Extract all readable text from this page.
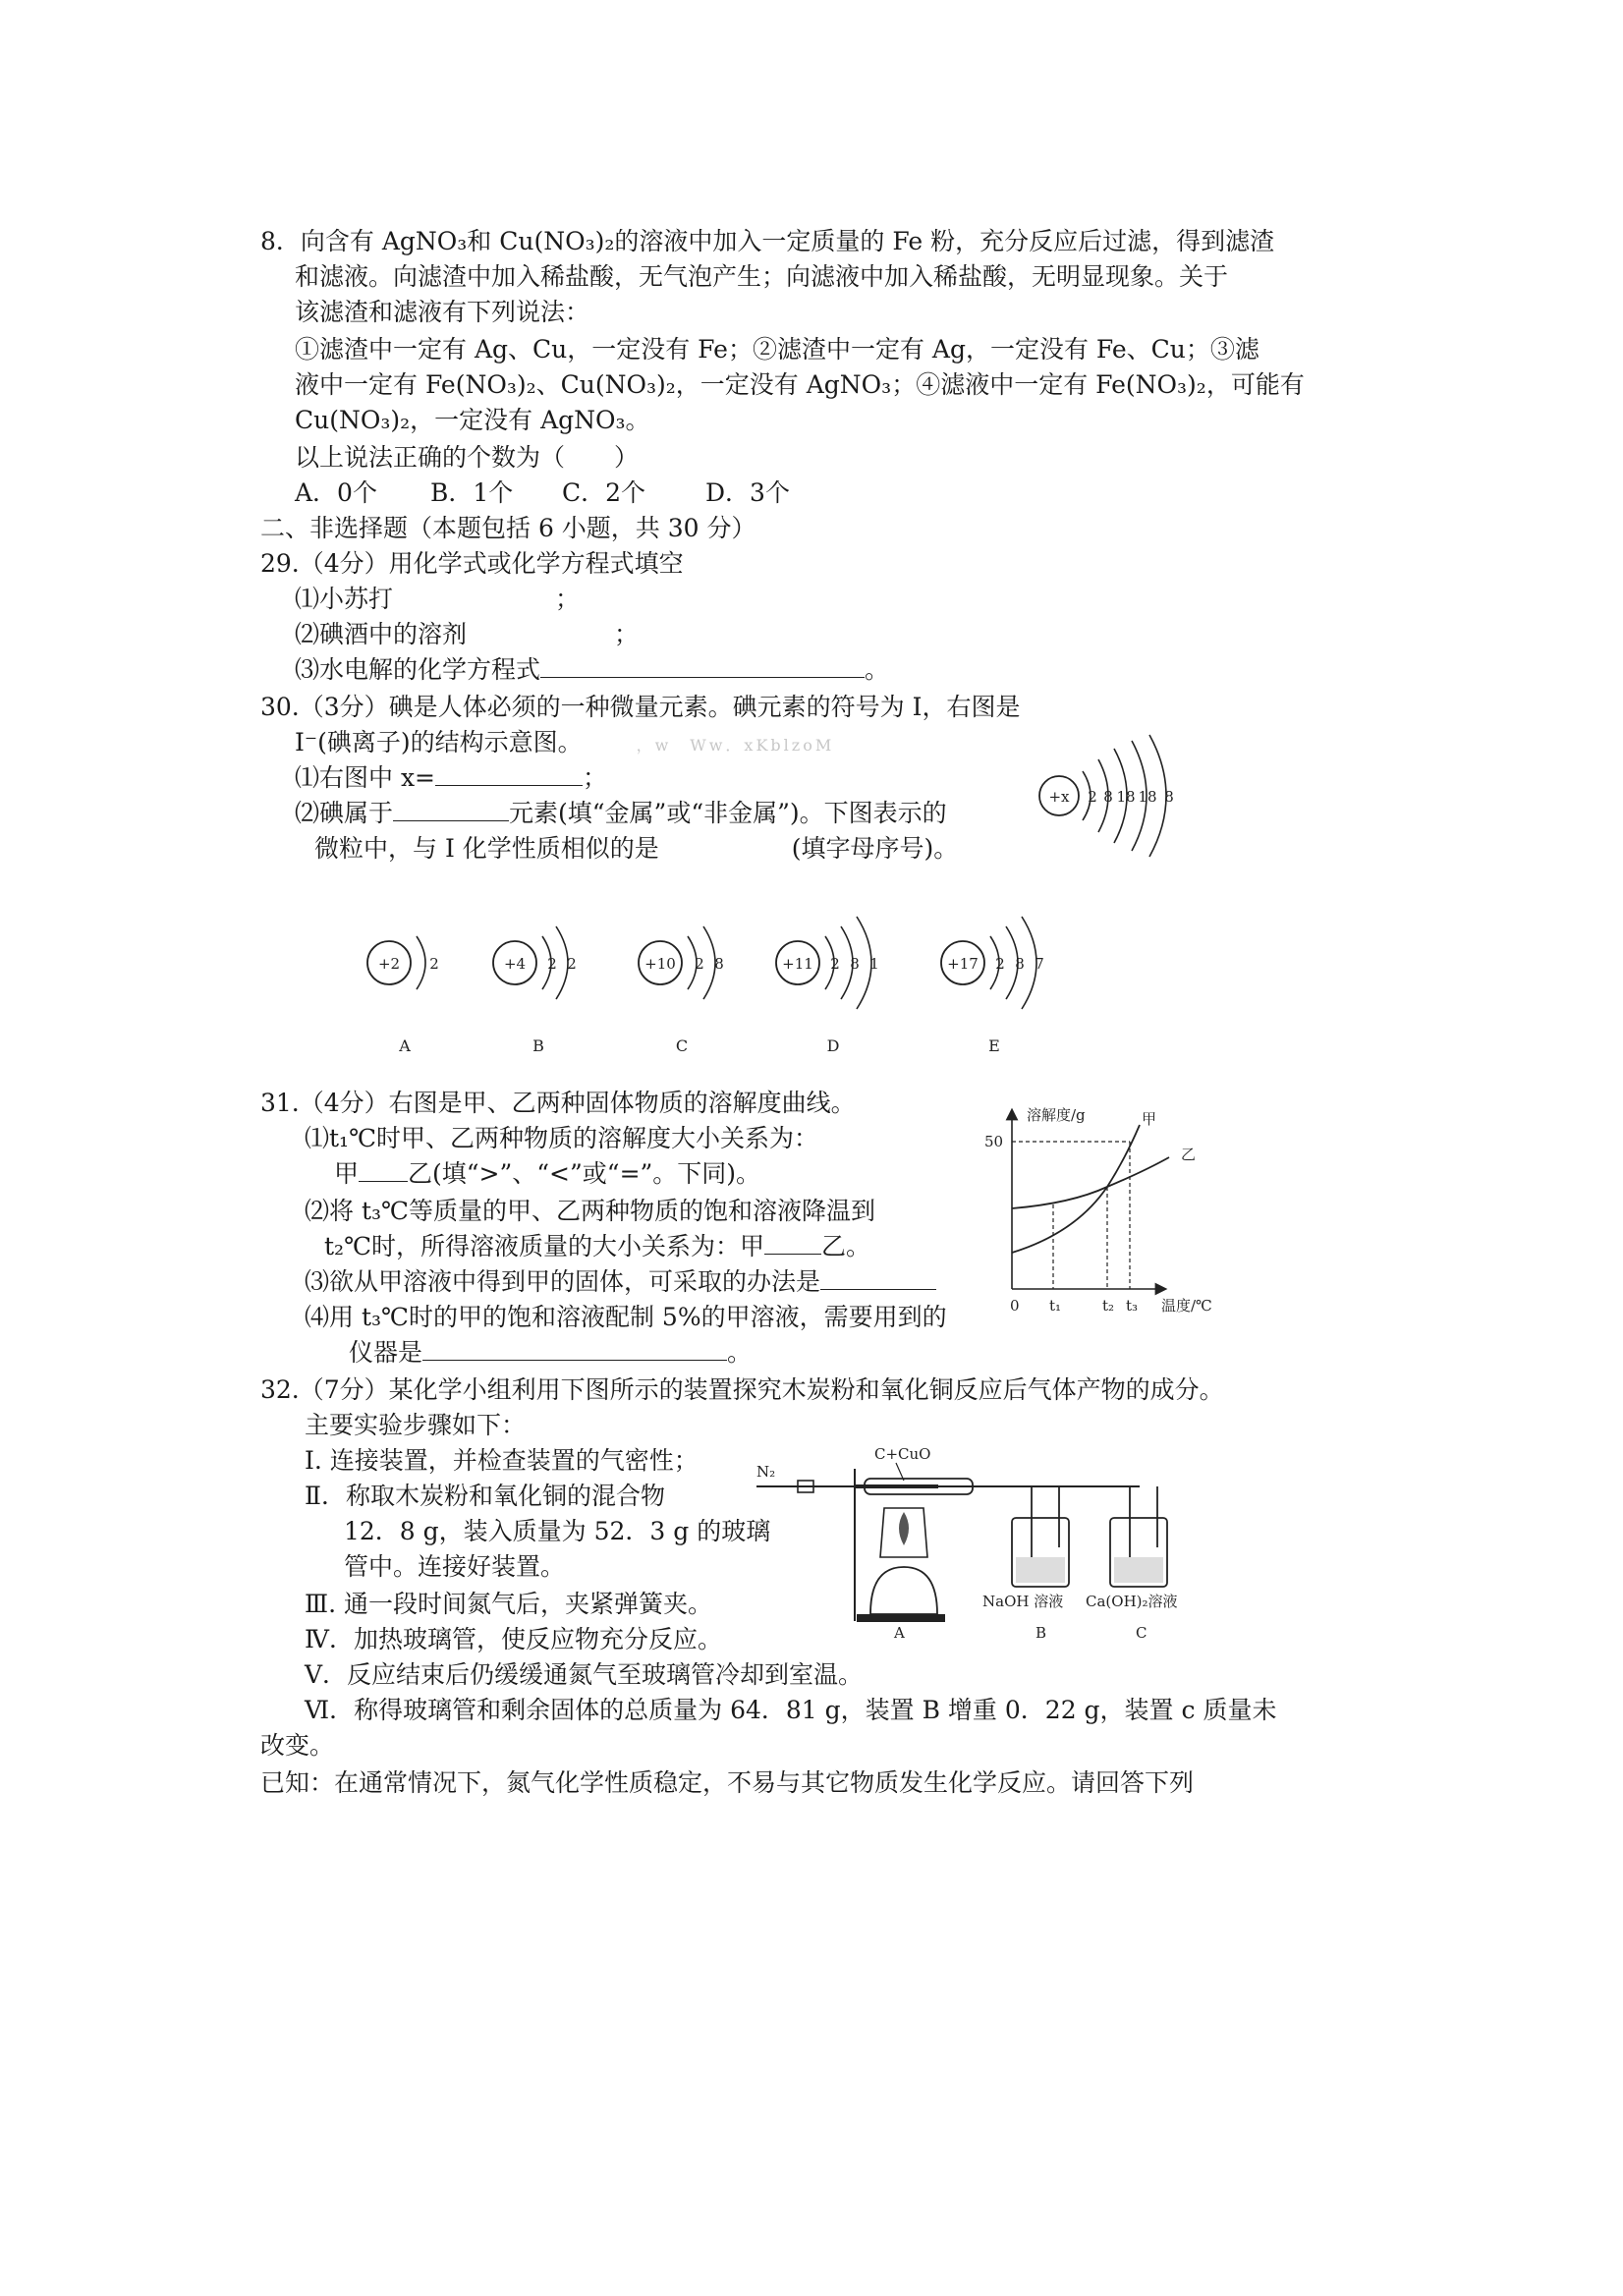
8．向含有 AgNO₃和 Cu(NO₃)₂的溶液中加入一定质量的 Fe 粉，充分反应后过滤，得到滤渣
和滤液。向滤渣中加入稀盐酸，无气泡产生；向滤液中加入稀盐酸，无明显现象。关于
该滤渣和滤液有下列说法：
①滤渣中一定有 Ag、Cu，一定没有 Fe；②滤渣中一定有 Ag，一定没有 Fe、Cu；③滤
液中一定有 Fe(NO₃)₂、Cu(NO₃)₂，一定没有 AgNO₃；④滤液中一定有 Fe(NO₃)₂，可能有
Cu(NO₃)₂，一定没有 AgNO₃。
以上说法正确的个数为（　　）
A．0个 B．1个 C．2个 D．3个
二、非选择题（本题包括 6 小题，共 30 分）
29.（4分）用化学式或化学方程式填空
⑴小苏打	；
⑵碘酒中的溶剂	；
⑶水电解的化学方程式	。
30.（3分）碘是人体必须的一种微量元素。碘元素的符号为 I，右图是
I⁻(碘离子)的结构示意图。	，w　Ww．xKblzoM
⑴右图中 x=	；
⑵碘属于	元素(填“金属”或“非金属”)。下图表示的
微粒中，与 I 化学性质相似的是	(填字母序号)。
+x 2 8 18 18 8
+2 2
A
+4 2 2
B
+10 2 8
C
+11 2 8 1
D
+17 2 8 7
E
31.（4分）右图是甲、乙两种固体物质的溶解度曲线。
⑴t₁℃时甲、乙两种物质的溶解度大小关系为：
甲 乙(填“>”、“<”或“=”。下同)。
⑵将 t₃℃等质量的甲、乙两种物质的饱和溶液降温到
t₂℃时，所得溶液质量的大小关系为：甲 乙。
⑶欲从甲溶液中得到甲的固体，可采取的办法是
⑷用 t₃℃时的甲的饱和溶液配制 5%的甲溶液，需要用到的
仪器是	。
溶解度/g
温度/℃
50
0 t₁	t₂ t₃
甲
乙
32.（7分）某化学小组利用下图所示的装置探究木炭粉和氧化铜反应后气体产物的成分。
主要实验步骤如下：
Ⅰ. 连接装置，并检查装置的气密性；
Ⅱ．称取木炭粉和氧化铜的混合物
12．8 g，装入质量为 52．3 g 的玻璃
管中。连接好装置。
Ⅲ. 通一段时间氮气后，夹紧弹簧夹。
Ⅳ．加热玻璃管，使反应物充分反应。
Ⅴ．反应结束后仍缓缓通氮气至玻璃管冷却到室温。
Ⅵ．称得玻璃管和剩余固体的总质量为 64．81 g，装置 B 增重 0．22 g，装置 c 质量未
改变。
已知：在通常情况下，氮气化学性质稳定，不易与其它物质发生化学反应。请回答下列
N₂
C+CuO
A
NaOH 溶液
B
Ca(OH)₂溶液
C
